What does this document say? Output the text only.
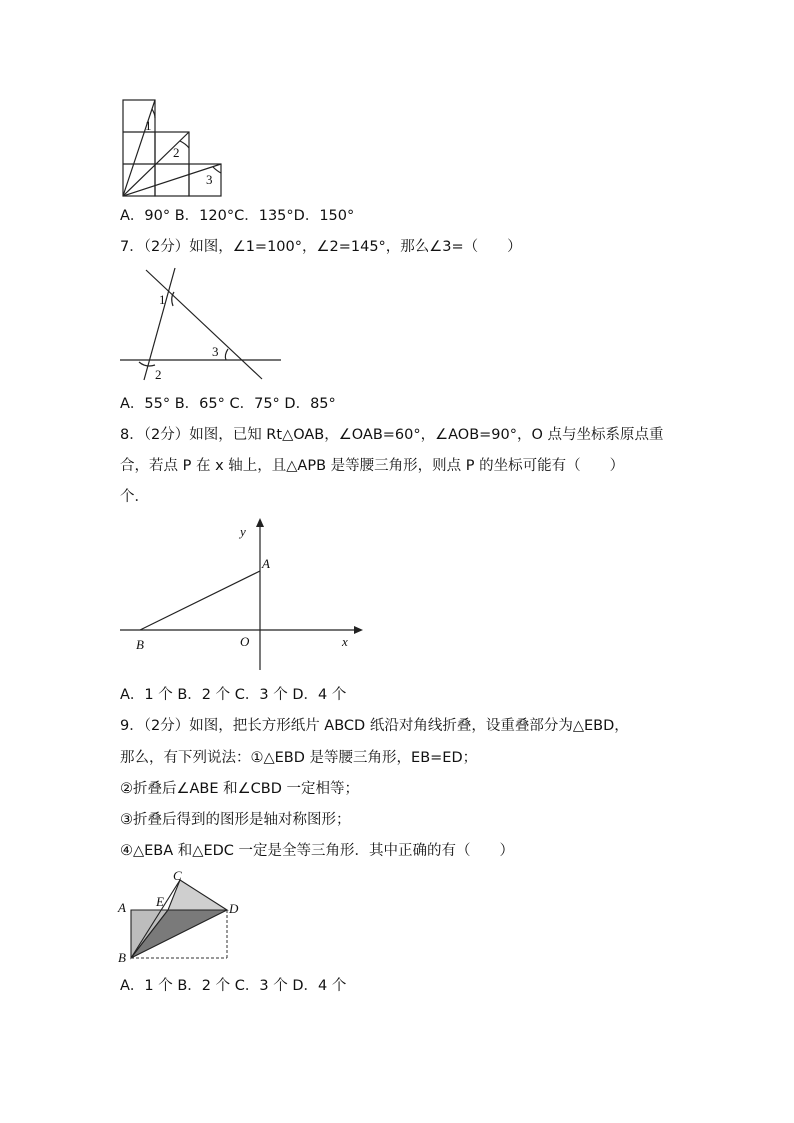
1
2
3
A．90° B．120°C．135°D．150°
7．（2分）如图，∠1=100°，∠2=145°，那么∠3=（　　）
1
3
2
A．55° B．65° C．75° D．85°
8．（2分）如图，已知 Rt△OAB，∠OAB=60°，∠AOB=90°，O 点与坐标系原点重
合，若点 P 在 x 轴上，且△APB 是等腰三角形，则点 P 的坐标可能有（　　）
个．
y
A
B	O	x
A．1 个 B．2 个 C．3 个 D．4 个
9．（2分）如图，把长方形纸片 ABCD 纸沿对角线折叠，设重叠部分为△EBD，
那么，有下列说法：①△EBD 是等腰三角形，EB=ED；
②折叠后∠ABE 和∠CBD 一定相等；
③折叠后得到的图形是轴对称图形；
④△EBA 和△EDC 一定是全等三角形．其中正确的有（　　）
C
A E	D
B
A．1 个 B．2 个 C．3 个 D．4 个
